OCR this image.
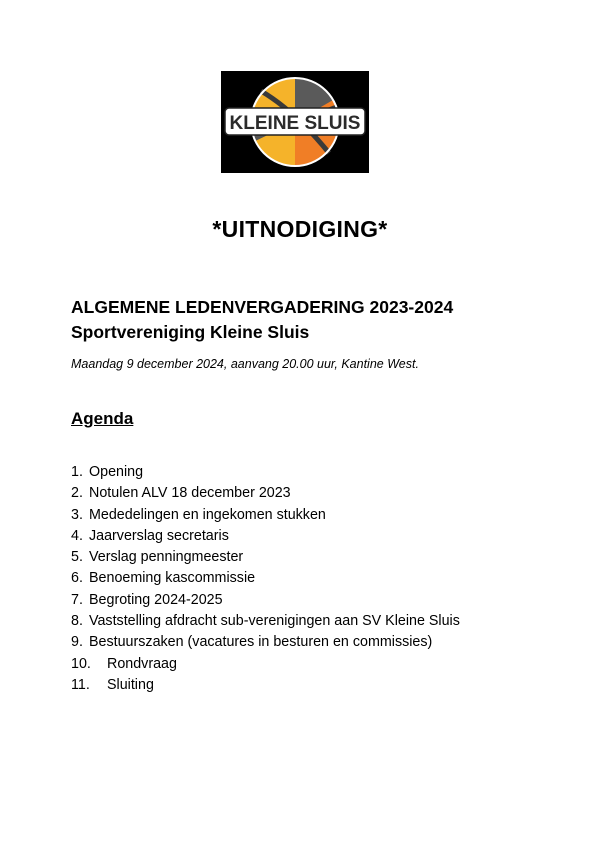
KLEINE SLUIS
*UITNODIGING*
ALGEMENE LEDENVERGADERING 2023-2024
Sportvereniging Kleine Sluis
Maandag 9 december 2024, aanvang 20.00 uur, Kantine West.
Agenda
1. Opening
2. Notulen ALV 18 december 2023
3. Mededelingen en ingekomen stukken
4. Jaarverslag secretaris
5. Verslag penningmeester
6. Benoeming kascommissie
7. Begroting 2024-2025
8. Vaststelling afdracht sub-verenigingen aan SV Kleine Sluis
9. Bestuurszaken (vacatures in besturen en commissies)
10. Rondvraag
11. Sluiting
